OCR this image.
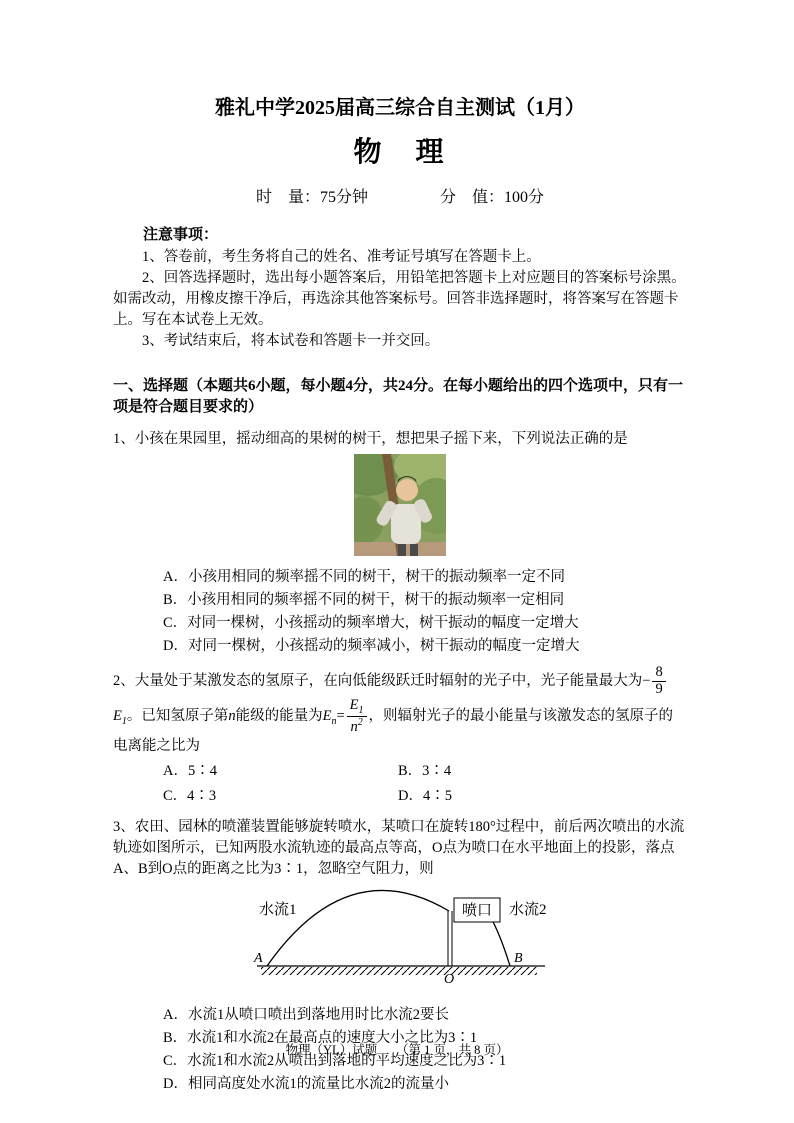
雅礼中学2025届高三综合自主测试（1月）
物　理
时　量：75分钟	分　值：100分

注意事项：

1、答卷前，考生务将自己的姓名、准考证号填写在答题卡上。

2、回答选择题时，选出每小题答案后，用铅笔把答题卡上对应题目的答案标号涂黑。如需改动，用橡皮擦干净后，再选涂其他答案标号。回答非选择题时，将答案写在答题卡上。写在本试卷上无效。

3、考试结束后，将本试卷和答题卡一并交回。

一、选择题（本题共6小题，每小题4分，共24分。在每小题给出的四个选项中，只有一项是符合题目要求的）

1、小孩在果园里，摇动细高的果树的树干，想把果子摇下来，下列说法正确的是

A．小孩用相同的频率摇不同的树干，树干的振动频率一定不同
B．小孩用相同的频率摇不同的树干，树干的振动频率一定相同
C．对同一棵树，小孩摇动的频率增大，树干振动的幅度一定增大
D．对同一棵树，小孩摇动的频率减小，树干振动的幅度一定增大

2、大量处于某激发态的氢原子，在向低能级跃迁时辐射的光子中，光子能量最大为− $\frac{8}{9}$
$E_1$。已知氢原子第n能级的能量为$E_n= \frac{E_1}{n^2}$ ，则辐射光子的最小能量与该激发态的氢原子的电离能之比为

A．5∶4	B．3∶4
C．4∶3	D．4∶5

3、农田、园林的喷灌装置能够旋转喷水，某喷口在旋转180°过程中，前后两次喷出的水流轨迹如图所示，已知两股水流轨迹的最高点等高，O点为喷口在水平地面上的投影，落点A、B到O点的距离之比为3∶1，忽略空气阻力，则

喷口
水流1	水流2
A	B
O
A．水流1从喷口喷出到落地用时比水流2要长
B．水流1和水流2在最高点的速度大小之比为3∶1
C．水流1和水流2从喷出到落地的平均速度之比为3∶1
D．相同高度处水流1的流量比水流2的流量小
物理（YL）试题　　（第 1 页，共 8 页）
